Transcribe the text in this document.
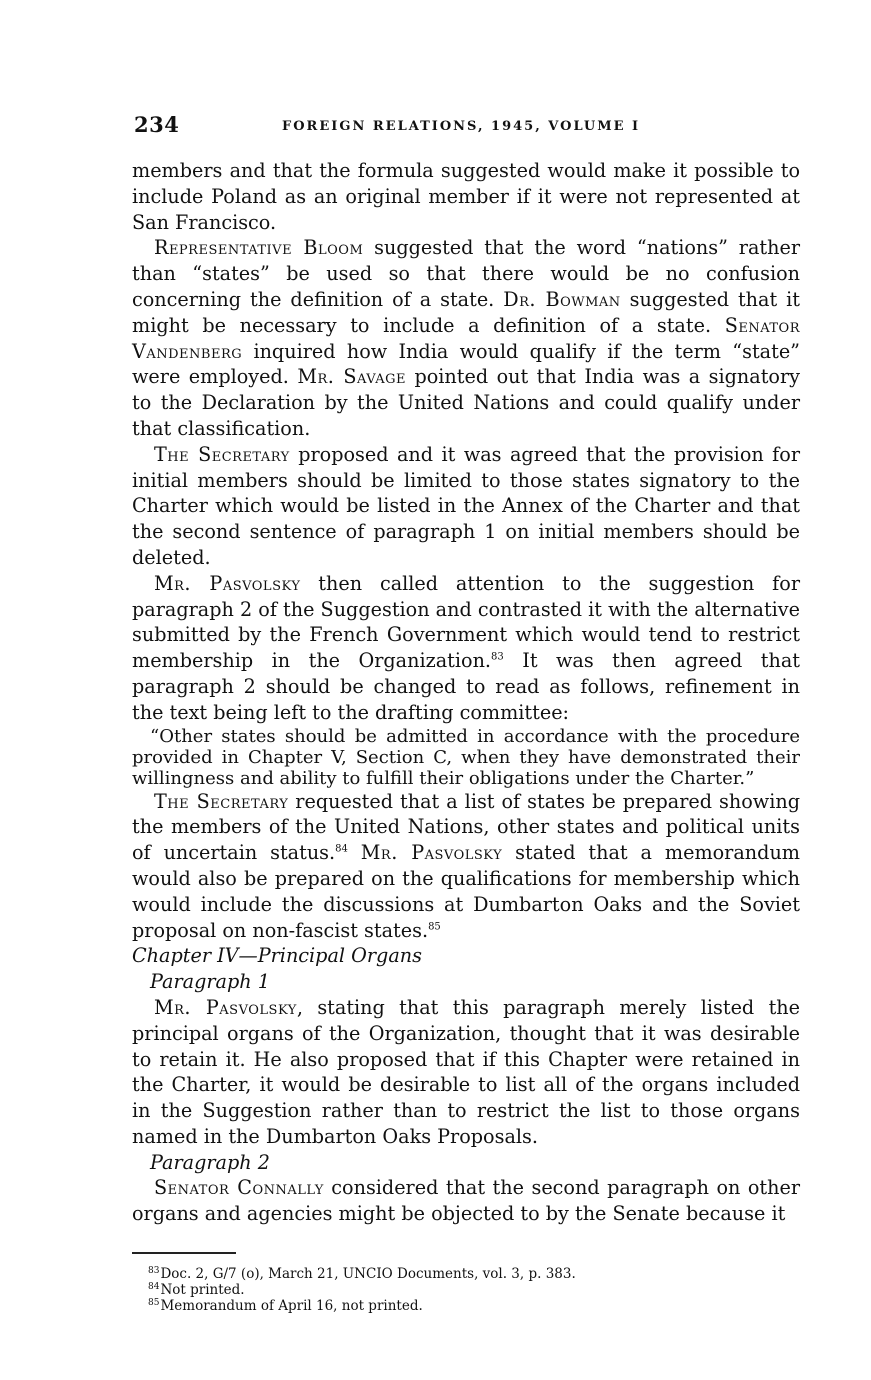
234	FOREIGN RELATIONS, 1945, VOLUME I

members and that the formula suggested would make it possible to include Poland as an original member if it were not represented at San Francisco.

Representative Bloom suggested that the word “nations” rather than “states” be used so that there would be no confusion concerning the definition of a state. Dr. Bowman suggested that it might be necessary to include a definition of a state. Senator Vandenberg inquired how India would qualify if the term “state” were employed. Mr. Savage pointed out that India was a signatory to the Declaration by the United Nations and could qualify under that classification.

The Secretary proposed and it was agreed that the provision for initial members should be limited to those states signatory to the Charter which would be listed in the Annex of the Charter and that the second sentence of paragraph 1 on initial members should be deleted.

Mr. Pasvolsky then called attention to the suggestion for paragraph 2 of the Suggestion and contrasted it with the alternative submitted by the French Government which would tend to restrict membership in the Organization.$^{83}$ It was then agreed that paragraph 2 should be changed to read as follows, refinement in the text being left to the drafting committee:

“Other states should be admitted in accordance with the procedure provided in Chapter V, Section C, when they have demonstrated their willingness and ability to fulfill their obligations under the Charter.”

The Secretary requested that a list of states be prepared showing the members of the United Nations, other states and political units of uncertain status.$^{84}$ Mr. Pasvolsky stated that a memorandum would also be prepared on the qualifications for membership which would include the discussions at Dumbarton Oaks and the Soviet proposal on non-fascist states.$^{85}$

Chapter IV—Principal Organs

Paragraph 1

Mr. Pasvolsky, stating that this paragraph merely listed the principal organs of the Organization, thought that it was desirable to retain it. He also proposed that if this Chapter were retained in the Charter, it would be desirable to list all of the organs included in the Suggestion rather than to restrict the list to those organs named in the Dumbarton Oaks Proposals.

Paragraph 2

Senator Connally considered that the second paragraph on other organs and agencies might be objected to by the Senate because it

$^{83}$Doc. 2, G/7 (o), March 21, UNCIO Documents, vol. 3, p. 383.
$^{84}$Not printed.
$^{85}$Memorandum of April 16, not printed.
